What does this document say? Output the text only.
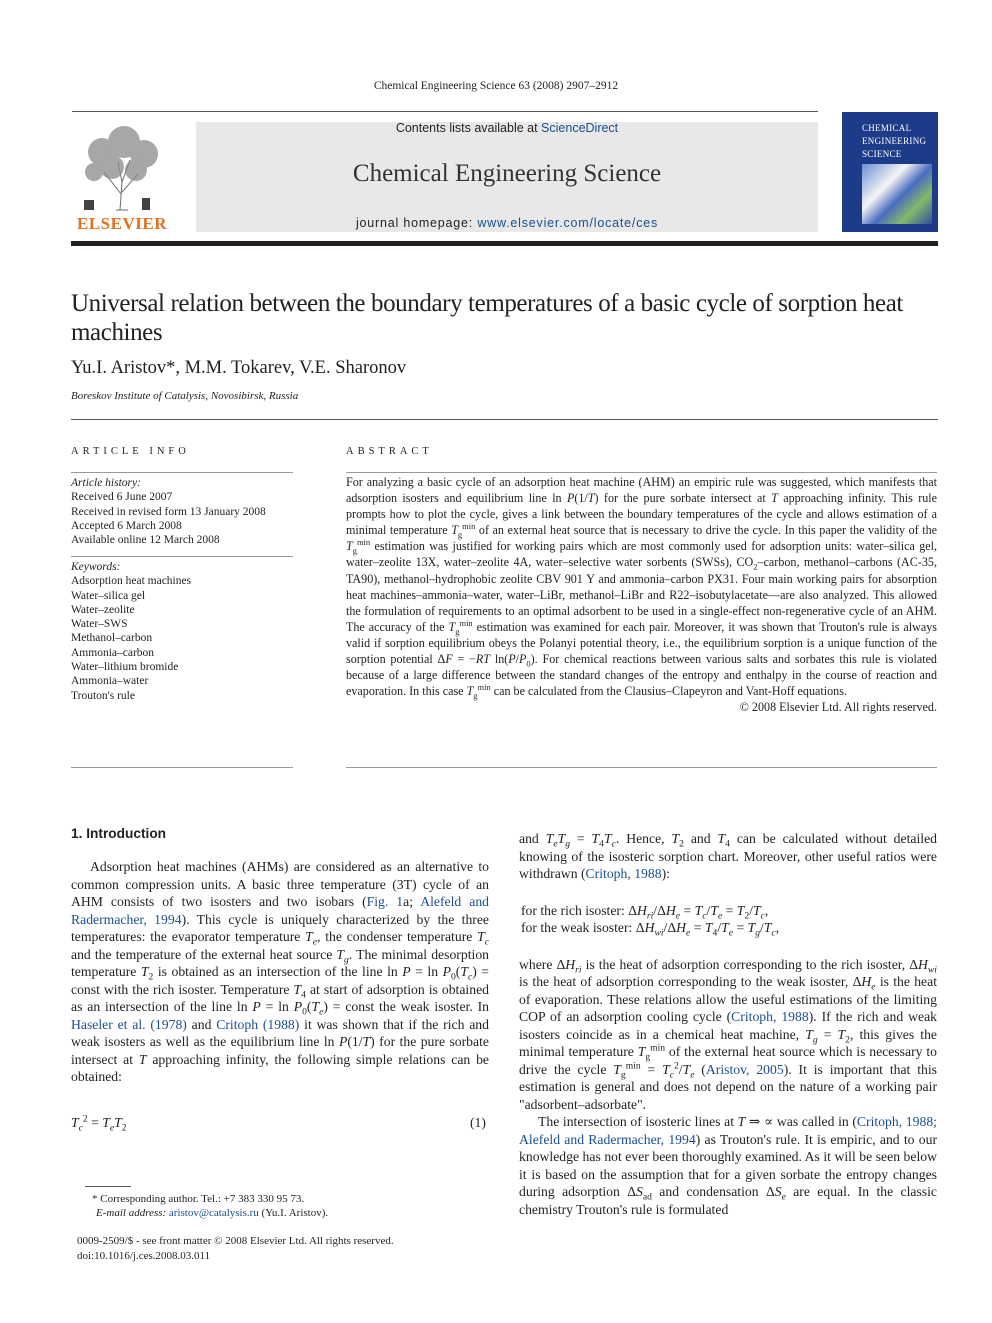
Chemical Engineering Science 63 (2008) 2907–2912
ELSEVIER
Contents lists available at ScienceDirect
Chemical Engineering Science
journal homepage: www.elsevier.com/locate/ces
CHEMICAL
ENGINEERING
SCIENCE
Universal relation between the boundary temperatures of a basic cycle of sorption heat machines
Yu.I. Aristov*, M.M. Tokarev, V.E. Sharonov
Boreskov Institute of Catalysis, Novosibirsk, Russia
ARTICLE INFO
Article history:
Received 6 June 2007
Received in revised form 13 January 2008
Accepted 6 March 2008
Available online 12 March 2008
Keywords:
Adsorption heat machines
Water–silica gel
Water–zeolite
Water–SWS
Methanol–carbon
Ammonia–carbon
Water–lithium bromide
Ammonia–water
Trouton's rule
ABSTRACT
For analyzing a basic cycle of an adsorption heat machine (AHM) an empiric rule was suggested, which manifests that adsorption isosters and equilibrium line ln P(1/T) for the pure sorbate intersect at T approaching infinity. This rule prompts how to plot the cycle, gives a link between the boundary temperatures of the cycle and allows estimation of a minimal temperature $T_g^{min}$ of an external heat source that is necessary to drive the cycle. In this paper the validity of the $T_g^{min}$ estimation was justified for working pairs which are most commonly used for adsorption units: water–silica gel, water–zeolite 13X, water–zeolite 4A, water–selective water sorbents (SWSs), $CO_2$–carbon, methanol–carbons (AC-35, TA90), methanol–hydrophobic zeolite CBV 901 Y and ammonia–carbon PX31. Four main working pairs for absorption heat machines–ammonia–water, water–LiBr, methanol–LiBr and R22–isobutylacetate—are also analyzed. This allowed the formulation of requirements to an optimal adsorbent to be used in a single-effect non-regenerative cycle of an AHM. The accuracy of the $T_g^{min}$ estimation was examined for each pair. Moreover, it was shown that Trouton's rule is always valid if sorption equilibrium obeys the Polanyi potential theory, i.e., the equilibrium sorption is a unique function of the sorption potential ΔF = −RT $\ln(P/P_0)$. For chemical reactions between various salts and sorbates this rule is violated because of a large difference between the standard changes of the entropy and enthalpy in the course of reaction and evaporation. In this case $T_g^{min}$ can be calculated from the Clausius–Clapeyron and Vant-Hoff equations.
© 2008 Elsevier Ltd. All rights reserved.
1. Introduction

Adsorption heat machines (AHMs) are considered as an alternative to common compression units. A basic three temperature (3T) cycle of an AHM consists of two isosters and two isobars (Fig. 1a; Alefeld and Radermacher, 1994). This cycle is uniquely characterized by the three temperatures: the evaporator temperature $T_e$, the condenser temperature $T_c$ and the temperature of the external heat source $T_g$. The minimal desorption temperature $T_2$ is obtained as an intersection of the line $\ln P = \ln P_0(T_c)$ = const with the rich isoster. Temperature $T_4$ at start of adsorption is obtained as an intersection of the line $\ln P = \ln P_0(T_e)$ = const the weak isoster. In Haseler et al. (1978) and Critoph (1988) it was shown that if the rich and weak isosters as well as the equilibrium line ln P(1/T) for the pure sorbate intersect at T approaching infinity, the following simple relations can be obtained:

$T_c^2 = T_eT_2$	(1)
* Corresponding author. Tel.: +7 383 330 95 73.
E-mail address: aristov@catalysis.ru (Yu.I. Aristov).
0009-2509/$ - see front matter © 2008 Elsevier Ltd. All rights reserved.
doi:10.1016/j.ces.2008.03.011

and $T_eT_g = T_4T_c$. Hence, $T_2$ and $T_4$ can be calculated without detailed knowing of the isosteric sorption chart. Moreover, other useful ratios were withdrawn (Critoph, 1988):

for the rich isoster: $\Delta H_{ri}/\Delta H_e = T_c/T_e = T_2/T_c$,

for the weak isoster: $\Delta H_{wi}/\Delta H_e = T_4/T_e = T_g/T_c$,

where $\Delta H_{ri}$ is the heat of adsorption corresponding to the rich isoster, $\Delta H_{wi}$ is the heat of adsorption corresponding to the weak isoster, $\Delta H_e$ is the heat of evaporation. These relations allow the useful estimations of the limiting COP of an adsorption cooling cycle (Critoph, 1988). If the rich and weak isosters coincide as in a chemical heat machine, $T_g = T_2$, this gives the minimal temperature $T_g^{min}$ of the external heat source which is necessary to drive the cycle $T_g^{min} = T_c^2/T_e$ (Aristov, 2005). It is important that this estimation is general and does not depend on the nature of a working pair "adsorbent–adsorbate".

The intersection of isosteric lines at T ⇒ ∝ was called in (Critoph, 1988; Alefeld and Radermacher, 1994) as Trouton's rule. It is empiric, and to our knowledge has not ever been thoroughly examined. As it will be seen below it is based on the assumption that for a given sorbate the entropy changes during adsorption $\Delta S_{ad}$ and condensation $\Delta S_e$ are equal. In the classic chemistry Trouton's rule is formulated
